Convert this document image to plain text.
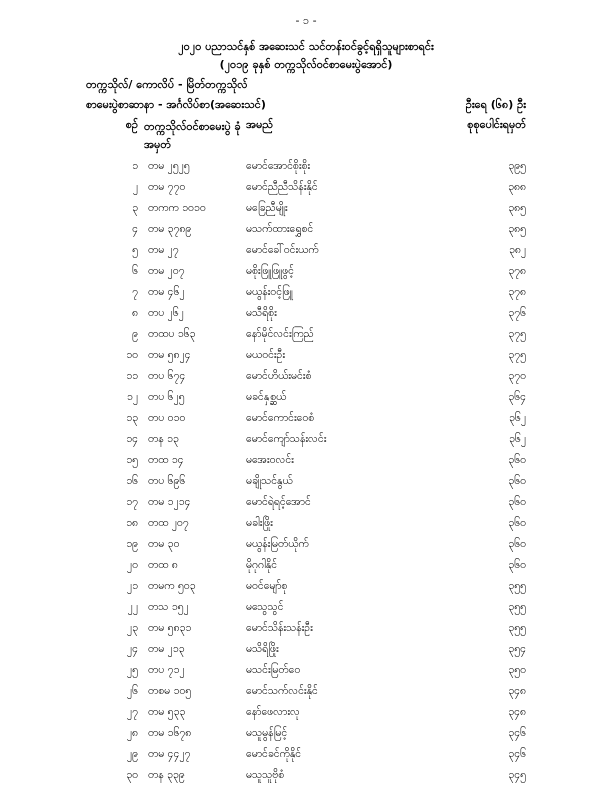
- ၁ -
၂၀၂၀ ပညာသင်နှစ် အဆေးသင် သင်တန်းဝင်ခွင့်ရရှိသူများစာရင်း
(၂၀၁၉ ခုနှစ် တက္ကသိုလ်ဝင်စာမေးပွဲအောင်)
တက္ကသိုလ်/ ကောလိပ် - မြိတ်တက္ကသိုလ်
စာမေးပွဲစာဆာနာ - အင်္ဂလိပ်စာ(အဆေးသင်)	ဦးရေ (၆၈) ဦး
စဉ် တက္ကသိုလ်ဝင်စာမေးပွဲ ခုံအမှတ်
အမည်	စုစုပေါင်းရမှတ်
၁ တမ ၂၅၂၅	မောင်အောင်စိုးစိုး	၃၉၅
၂ တမ ၇၇၀	မောင်ညီညီသိန်းနိုင်	၃၈၈
၃ တကက ၁၀၁၀	မခြေညီမျိုး	၃၈၅
၄ တမ ၃၇၈၉	မသက်ထားရွှေစင်	၃၈၅
၅ တမ ၂၇	မောင်ခေါ်ဝင်းယက်	၃၈၂
၆ တမ ၂၀၇	မစိုးဖြူဖြူဖွင့်	၃၇၈
၇ တမ ၄၆၂	မယွန်းဝင့်ဖြူ	၃၇၈
၈ တပ ၂၆၂	မသီရိစိုး	၃၇၆
၉ တထပ ၁၆၃	နော်မိုင်လင်းကြည်	၃၇၅
၁၀ တမ ၅၈၂၄	မယဝင်းဦး	၃၇၅
၁၁ တပ ၆၇၄	မောင်ဟိယ်းမင်းစံ	၃၇၀
၁၂ တပ ၆၂၅	မခင်နှစ္ဆယ်	၃၆၄
၁၃ တပ ၀၁၀	မောင်ကောင်းဝေစံ	၃၆၂
၁၄ တန ၁၃	မောင်ကျော်သန်းလင်း	၃၆၂
၁၅ တထ ၁၄	မအေးဝလင်း	၃၆၀
၁၆ တပ ၆၉၆	မချိုသင်နွယ်	၃၆၀
၁၇ တမ ၁၂၁၄	မောင်ရဲရင့်အောင်	၃၆၀
၁၈ တထ ၂၀၇	မခါးဖြိုး	၃၆၀
၁၉ တမ ၃၀	မယွန်းမြတ်ယိုက်	၃၆၀
၂၀ တထ ၈	မိုဂုဂါနိုင်	၃၆၀
၂၁ တမက ၅၀၃	မဝင်မျော်စု	၃၅၅
၂၂ တသ ၁၅၂	မသွေသွင်	၃၅၅
၂၃ တမ ၅၈၃၁	မောင်သိန်းသန်းဦး	၃၅၅
၂၄ တမ ၂၁၃	မသိရိဖြိုး	၃၅၄
၂၅ တပ ၇၁၂	မသင်းမြတ်ဝေ	၃၅၀
၂၆ တစမ ၁၀၅	မောင်သက်လင်းနိုင်	၃၄၈
၂၇ တမ ၅၃၃	နော်ဖေလားလု	၃၄၈
၂၈ တမ ၁၆၇၈	မသူမွန်မြင့်	၃၄၆
၂၉ တမ ၄၄၂၇	မောင်ခင်ကိုနိုင်	၃၄၆
၃၀ တန ၃၃၉	မသူသူဗိုစံ	၃၄၅
